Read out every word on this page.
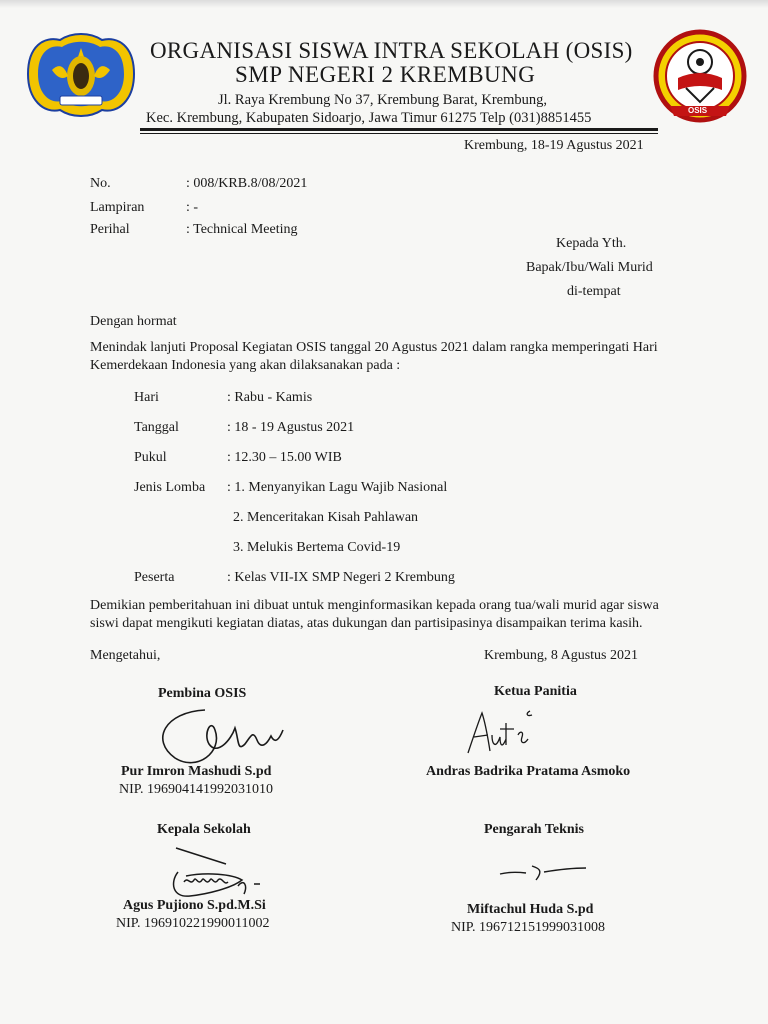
OSIS
ORGANISASI SISWA INTRA SEKOLAH (OSIS)
SMP NEGERI 2 KREMBUNG
Jl. Raya Krembung No 37, Krembung Barat, Krembung,
Kec. Krembung, Kabupaten Sidoarjo, Jawa Timur 61275 Telp (031)8851455
Krembung, 18-19 Agustus 2021
No.	: 008/KRB.8/08/2021
Lampiran	: -
Perihal	: Technical Meeting
Kepada Yth.
Bapak/Ibu/Wali Murid
di-tempat
Dengan hormat
Menindak lanjuti Proposal Kegiatan OSIS tanggal 20 Agustus 2021 dalam rangka memperingati Hari
Kemerdekaan Indonesia yang akan dilaksanakan pada :
Hari	: Rabu - Kamis
Tanggal	: 18 - 19 Agustus 2021
Pukul	: 12.30 – 15.00 WIB
Jenis Lomba : 1. Menyanyikan Lagu Wajib Nasional
2. Menceritakan Kisah Pahlawan
3. Melukis Bertema Covid-19
Peserta	: Kelas VII-IX SMP Negeri 2 Krembung
Demikian pemberitahuan ini dibuat untuk menginformasikan kepada orang tua/wali murid agar siswa
siswi dapat mengikuti kegiatan diatas, atas dukungan dan partisipasinya disampaikan terima kasih.
Mengetahui,	Krembung, 8 Agustus 2021
Pembina OSIS
Pur Imron Mashudi S.pd
NIP. 196904141992031010
Ketua Panitia
Andras Badrika Pratama Asmoko
Kepala Sekolah
Agus Pujiono S.pd.M.Si
NIP. 196910221990011002
Pengarah Teknis
Miftachul Huda S.pd
NIP. 196712151999031008
